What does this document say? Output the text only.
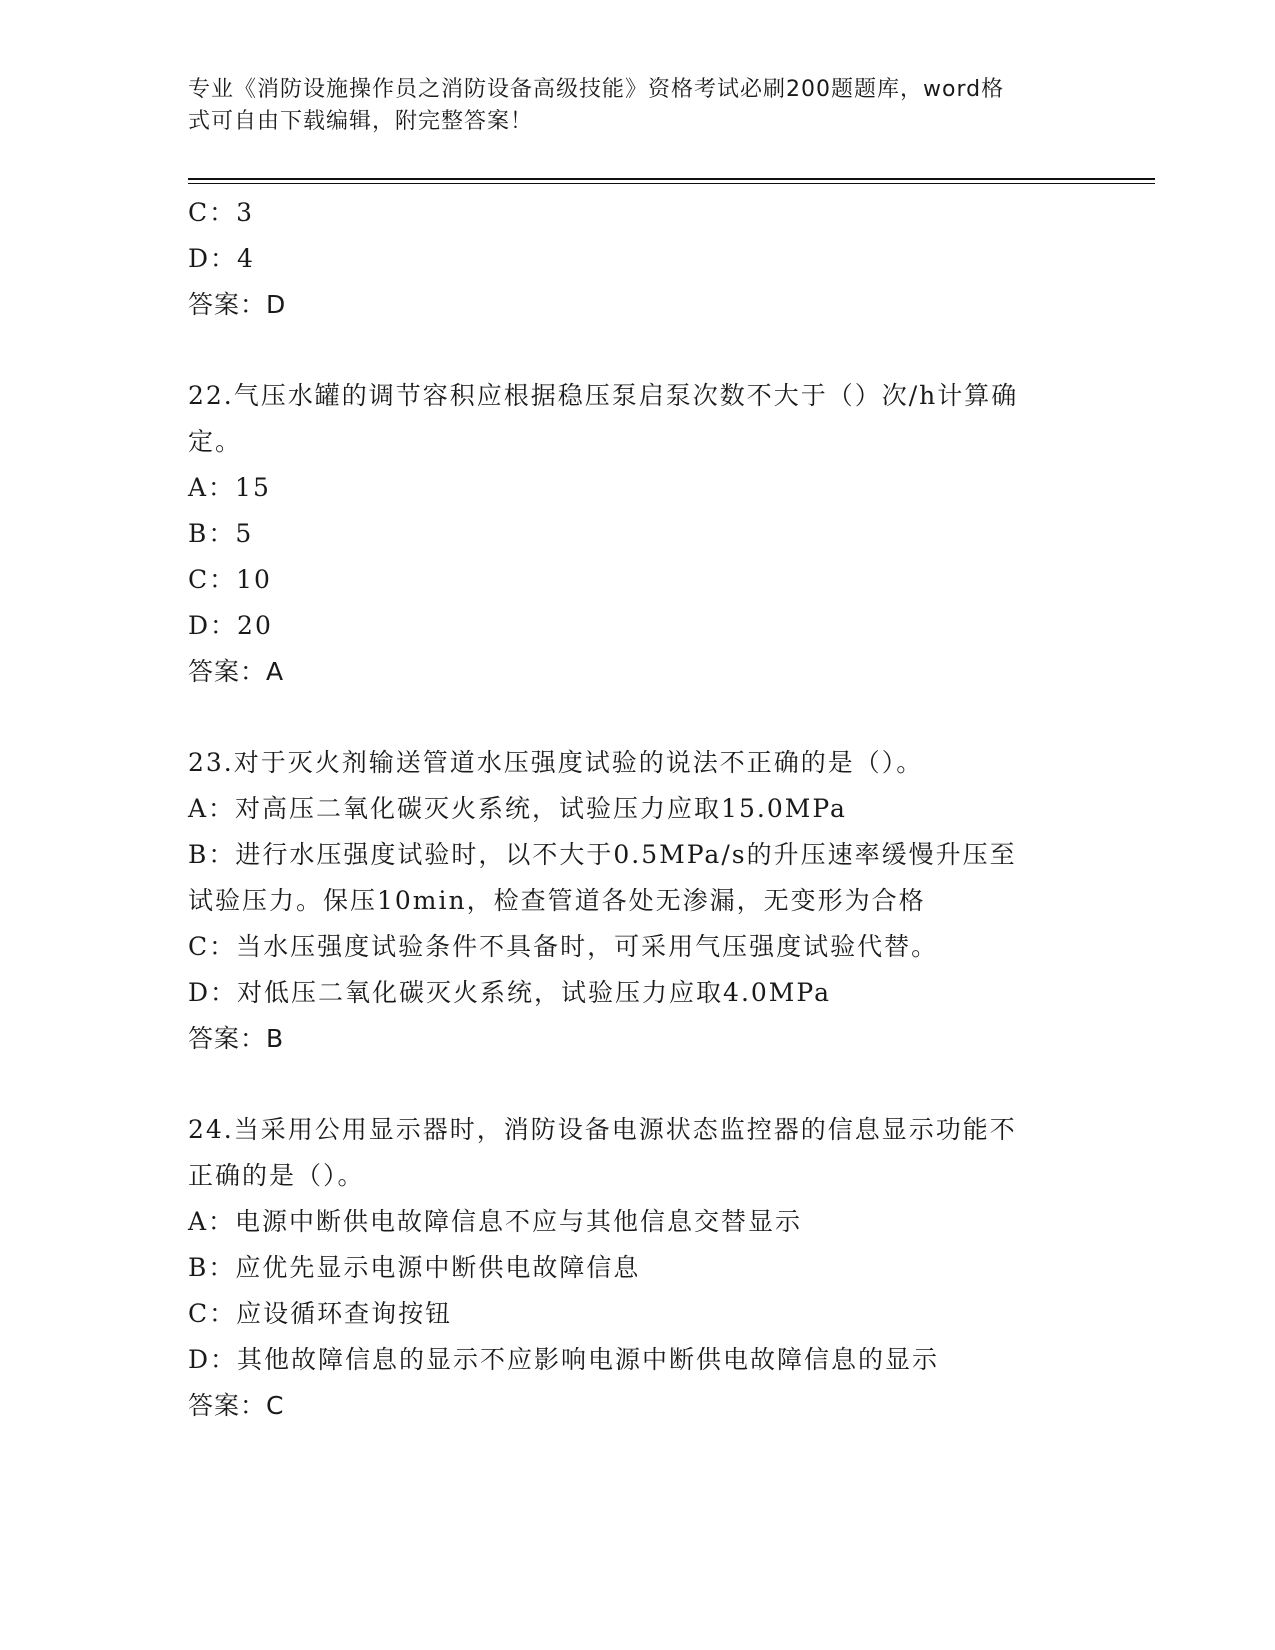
专业《消防设施操作员之消防设备高级技能》资格考试必刷200题题库，word格
式可自由下载编辑，附完整答案！
C：3
D：4
答案：D
22.气压水罐的调节容积应根据稳压泵启泵次数不大于（）次/h计算确
定。
A：15
B：5
C：10
D：20
答案：A
23.对于灭火剂输送管道水压强度试验的说法不正确的是（）。
A：对高压二氧化碳灭火系统，试验压力应取15.0MPa
B：进行水压强度试验时，以不大于0.5MPa/s的升压速率缓慢升压至
试验压力。保压10min，检查管道各处无渗漏，无变形为合格
C：当水压强度试验条件不具备时，可采用气压强度试验代替。
D：对低压二氧化碳灭火系统，试验压力应取4.0MPa
答案：B
24.当采用公用显示器时，消防设备电源状态监控器的信息显示功能不
正确的是（）。
A：电源中断供电故障信息不应与其他信息交替显示
B：应优先显示电源中断供电故障信息
C：应设循环查询按钮
D：其他故障信息的显示不应影响电源中断供电故障信息的显示
答案：C
